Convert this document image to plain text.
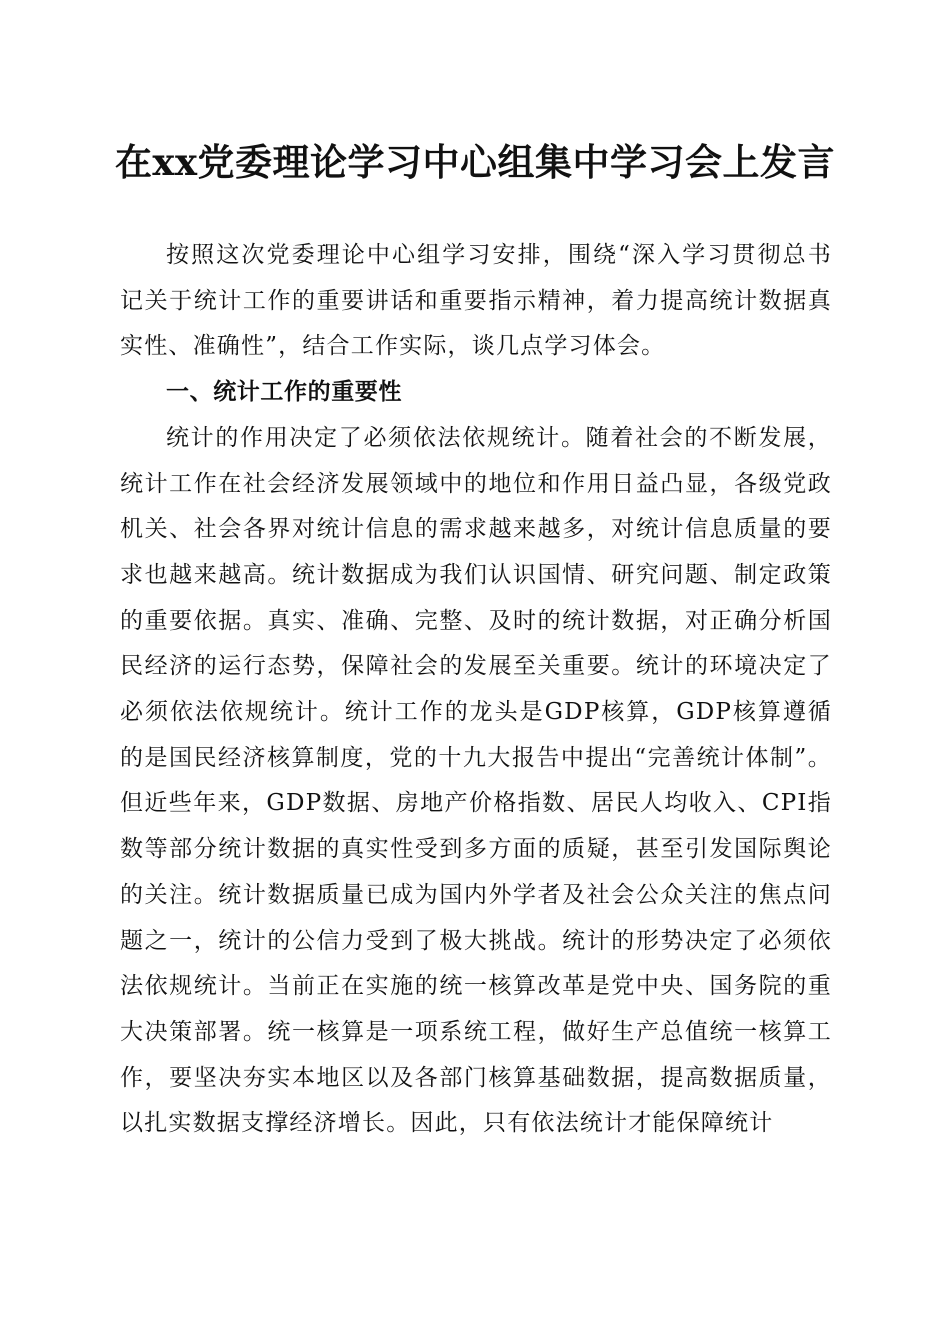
在xx党委理论学习中心组集中学习会上发言

按照这次党委理论中心组学习安排，围绕“深入学习贯彻总书记关于统计工作的重要讲话和重要指示精神，着力提高统计数据真实性、准确性”，结合工作实际，谈几点学习体会。

一、统计工作的重要性

统计的作用决定了必须依法依规统计。随着社会的不断发展，统计工作在社会经济发展领域中的地位和作用日益凸显，各级党政机关、社会各界对统计信息的需求越来越多，对统计信息质量的要求也越来越高。统计数据成为我们认识国情、研究问题、制定政策的重要依据。真实、准确、完整、及时的统计数据，对正确分析国民经济的运行态势，保障社会的发展至关重要。统计的环境决定了必须依法依规统计。统计工作的龙头是GDP核算，GDP核算遵循的是国民经济核算制度，党的十九大报告中提出“完善统计体制”。但近些年来，GDP数据、房地产价格指数、居民人均收入、CPI指数等部分统计数据的真实性受到多方面的质疑，甚至引发国际舆论的关注。统计数据质量已成为国内外学者及社会公众关注的焦点问题之一，统计的公信力受到了极大挑战。统计的形势决定了必须依法依规统计。当前正在实施的统一核算改革是党中央、国务院的重大决策部署。统一核算是一项系统工程，做好生产总值统一核算工作，要坚决夯实本地区以及各部门核算基础数据，提高数据质量，以扎实数据支撑经济增长。因此，只有依法统计才能保障统计
